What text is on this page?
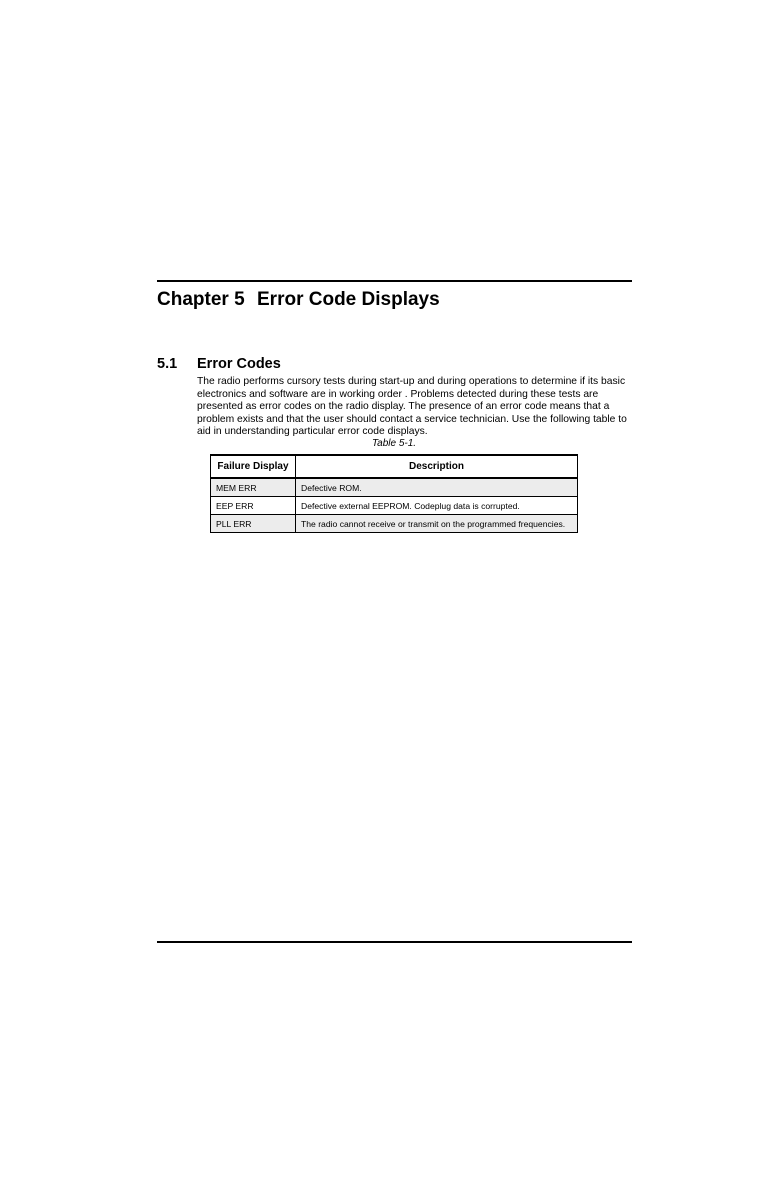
Chapter 5 Error Code Displays
5.1 Error Codes

The radio performs cursory tests during start-up and during operations to determine if its basic electronics and software are in working order . Problems detected during these tests are presented as error codes on the radio display. The presence of an error code means that a problem exists and that the user should contact a service technician. Use the following table to aid in understanding particular error code displays.

Table 5-1.

Failure Display	Description
MEM ERR	Defective ROM.
EEP ERR	Defective external EEPROM. Codeplug data is corrupted.
PLL ERR	The radio cannot receive or transmit on the programmed frequencies.
